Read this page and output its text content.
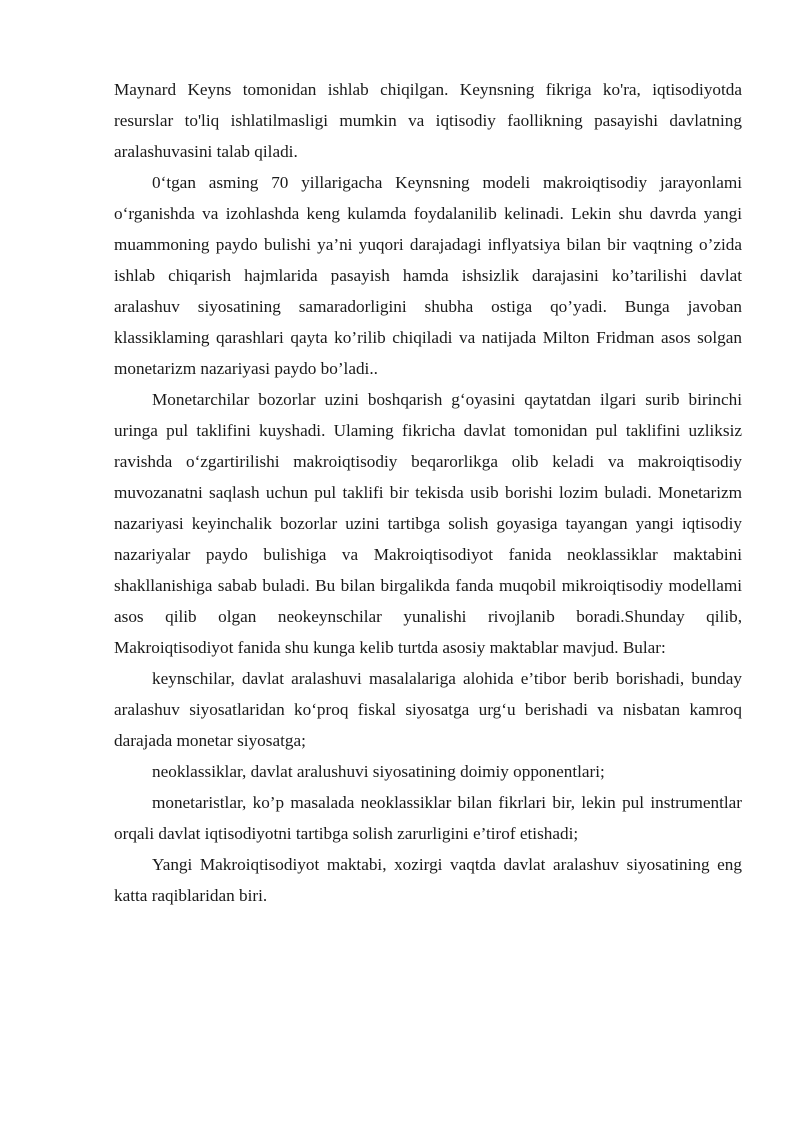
Maynard Keyns tomonidan ishlab chiqilgan. Keynsning fikriga ko'ra, iqtisodiyotda resurslar to'liq ishlatilmasligi mumkin va iqtisodiy faollikning pasayishi davlatning aralashuvasini talab qiladi.

0‘tgan asming 70 yillarigacha Keynsning modeli makroiqtisodiy jarayonlami o‘rganishda va izohlashda keng kulamda foydalanilib kelinadi. Lekin shu davrda yangi muammoning paydo bulishi ya’ni yuqori darajadagi inflyatsiya bilan bir vaqtning o’zida ishlab chiqarish hajmlarida pasayish hamda ishsizlik darajasini ko’tarilishi davlat aralashuv siyosatining samaradorligini shubha ostiga qo’yadi. Bunga javoban klassiklaming qarashlari qayta ko’rilib chiqiladi va natijada Milton Fridman asos solgan monetarizm nazariyasi paydo bo’ladi..

Monetarchilar bozorlar uzini boshqarish g‘oyasini qaytatdan ilgari surib birinchi uringa pul taklifini kuyshadi. Ulaming fikricha davlat tomonidan pul taklifini uzliksiz ravishda o‘zgartirilishi makroiqtisodiy beqarorlikga olib keladi va makroiqtisodiy muvozanatni saqlash uchun pul taklifi bir tekisda usib borishi lozim buladi. Monetarizm nazariyasi keyinchalik bozorlar uzini tartibga solish goyasiga tayangan yangi iqtisodiy nazariyalar paydo bulishiga va Makroiqtisodiyot fanida neoklassiklar maktabini shakllanishiga sabab buladi. Bu bilan birgalikda fanda muqobil mikroiqtisodiy modellami asos qilib olgan neokeynschilar yunalishi rivojlanib boradi.Shunday qilib, Makroiqtisodiyot fanida shu kunga kelib turtda asosiy maktablar mavjud. Bular:

keynschilar, davlat aralashuvi masalalariga alohida e’tibor berib borishadi, bunday aralashuv siyosatlaridan ko‘proq fiskal siyosatga urg‘u berishadi va nisbatan kamroq darajada monetar siyosatga;

neoklassiklar, davlat aralushuvi siyosatining doimiy opponentlari;

monetaristlar, ko’p masalada neoklassiklar bilan fikrlari bir, lekin pul instrumentlar orqali davlat iqtisodiyotni tartibga solish zarurligini e’tirof etishadi;

Yangi Makroiqtisodiyot maktabi, xozirgi vaqtda davlat aralashuv siyosatining eng katta raqiblaridan biri.
